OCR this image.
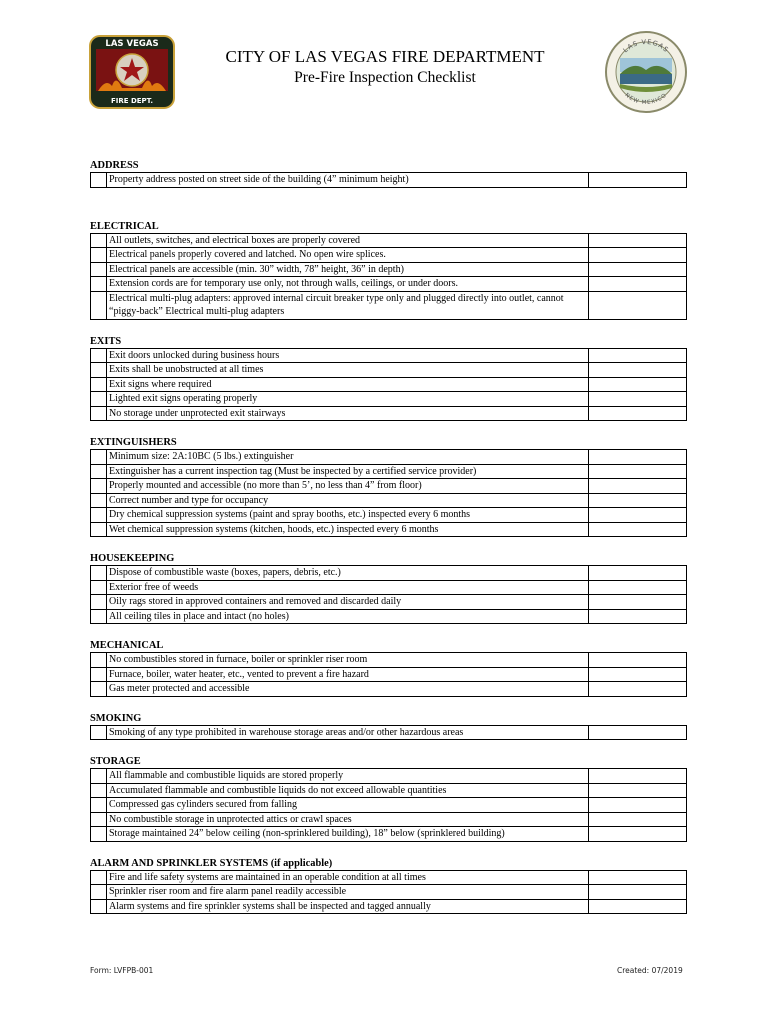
LAS VEGAS
FIRE DEPT.
CITY OF LAS VEGAS FIRE DEPARTMENT
Pre-Fire Inspection Checklist
LAS VEGAS
NEW MEXICO
ADDRESS
	Property address posted on street side of the building (4” minimum height)	
ELECTRICAL
	All outlets, switches, and electrical boxes are properly covered	
	Electrical panels properly covered and latched. No open wire splices.	
	Electrical panels are accessible (min. 30” width, 78” height, 36” in depth)	
	Extension cords are for temporary use only, not through walls, ceilings, or under doors.	
	Electrical multi-plug adapters: approved internal circuit breaker type only and plugged directly into outlet, cannot “piggy-back” Electrical multi-plug adapters	
EXITS
	Exit doors unlocked during business hours	
	Exits shall be unobstructed at all times	
	Exit signs where required	
	Lighted exit signs operating properly	
	No storage under unprotected exit stairways	
EXTINGUISHERS
	Minimum size: 2A:10BC (5 lbs.) extinguisher	
	Extinguisher has a current inspection tag (Must be inspected by a certified service provider)	
	Properly mounted and accessible (no more than 5’, no less than 4” from floor)	
	Correct number and type for occupancy	
	Dry chemical suppression systems (paint and spray booths, etc.) inspected every 6 months	
	Wet chemical suppression systems (kitchen, hoods, etc.) inspected every 6 months	
HOUSEKEEPING
	Dispose of combustible waste (boxes, papers, debris, etc.)	
	Exterior free of weeds	
	Oily rags stored in approved containers and removed and discarded daily	
	All ceiling tiles in place and intact (no holes)	
MECHANICAL
	No combustibles stored in furnace, boiler or sprinkler riser room	
	Furnace, boiler, water heater, etc., vented to prevent a fire hazard	
	Gas meter protected and accessible	
SMOKING
	Smoking of any type prohibited in warehouse storage areas and/or other hazardous areas	
STORAGE
	All flammable and combustible liquids are stored properly	
	Accumulated flammable and combustible liquids do not exceed allowable quantities	
	Compressed gas cylinders secured from falling	
	No combustible storage in unprotected attics or crawl spaces	
	Storage maintained 24” below ceiling (non-sprinklered building), 18” below (sprinklered building)	
ALARM AND SPRINKLER SYSTEMS (if applicable)
	Fire and life safety systems are maintained in an operable condition at all times	
	Sprinkler riser room and fire alarm panel readily accessible	
	Alarm systems and fire sprinkler systems shall be inspected and tagged annually	
Form: LVFPB-001	Created: 07/2019
